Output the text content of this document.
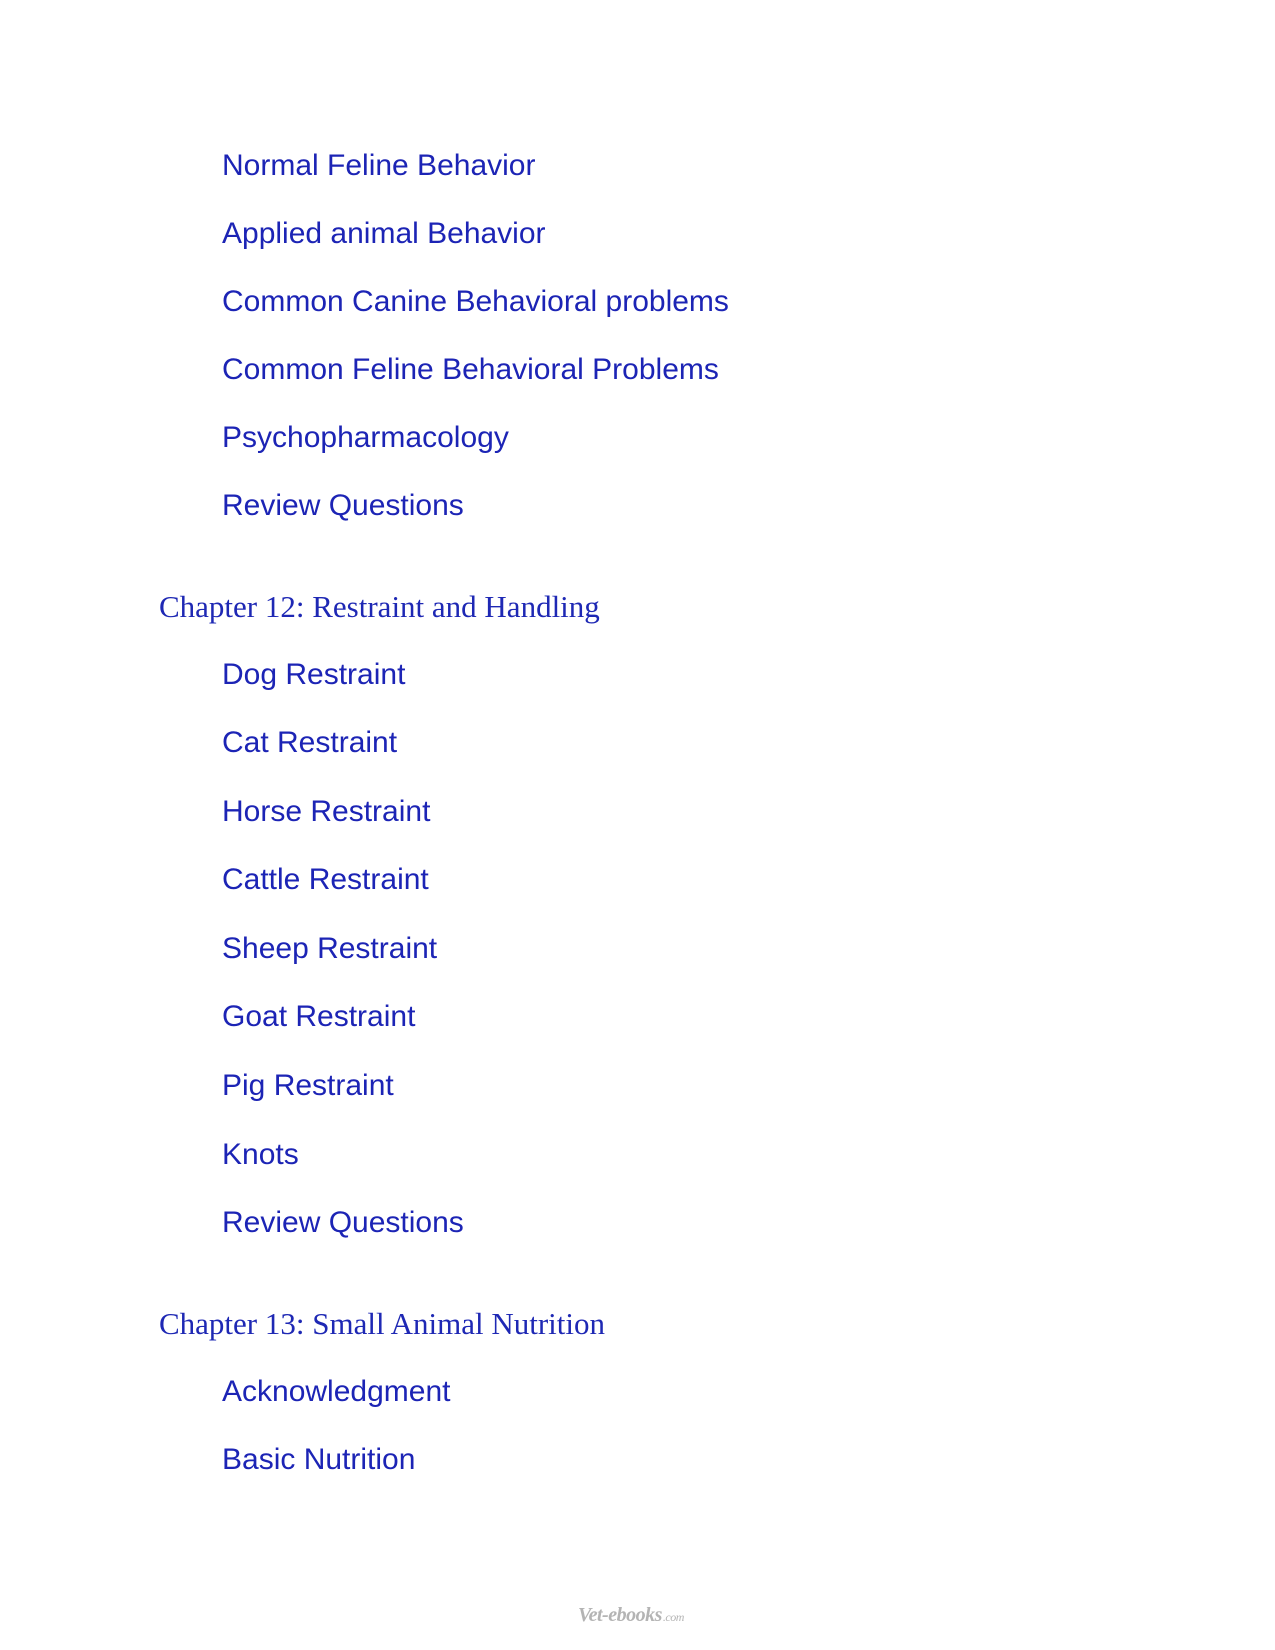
Normal Feline Behavior
Applied animal Behavior
Common Canine Behavioral problems
Common Feline Behavioral Problems
Psychopharmacology
Review Questions
Chapter 12: Restraint and Handling
Dog Restraint
Cat Restraint
Horse Restraint
Cattle Restraint
Sheep Restraint
Goat Restraint
Pig Restraint
Knots
Review Questions
Chapter 13: Small Animal Nutrition
Acknowledgment
Basic Nutrition
Vet-ebooks.com
